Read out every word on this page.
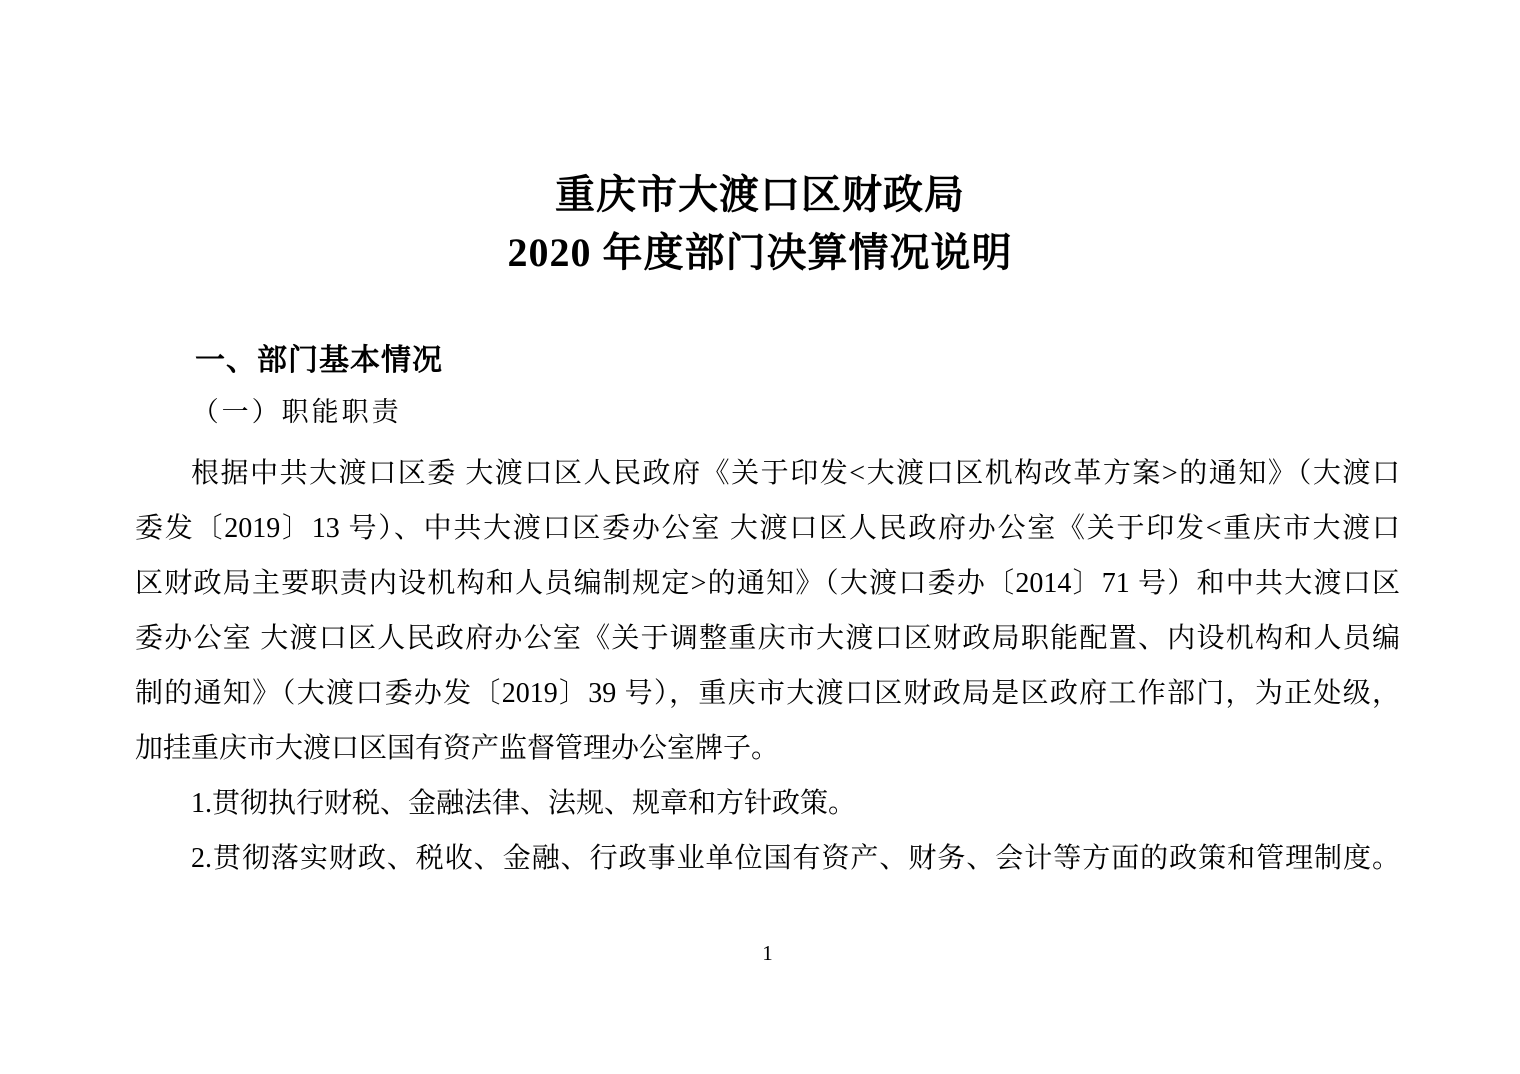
重庆市大渡口区财政局
2020 年度部门决算情况说明
一、部门基本情况
（一）职能职责
根据中共大渡口区委 大渡口区人民政府《关于印发<大渡口区机构改革方案>的通知》（大渡口
委发〔2019〕13 号）、中共大渡口区委办公室 大渡口区人民政府办公室《关于印发<重庆市大渡口
区财政局主要职责内设机构和人员编制规定>的通知》（大渡口委办〔2014〕71 号）和中共大渡口区
委办公室 大渡口区人民政府办公室《关于调整重庆市大渡口区财政局职能配置、内设机构和人员编
制的通知》（大渡口委办发〔2019〕39 号），重庆市大渡口区财政局是区政府工作部门，为正处级，
加挂重庆市大渡口区国有资产监督管理办公室牌子。
1.贯彻执行财税、金融法律、法规、规章和方针政策。
2.贯彻落实财政、税收、金融、行政事业单位国有资产、财务、会计等方面的政策和管理制度。
1
